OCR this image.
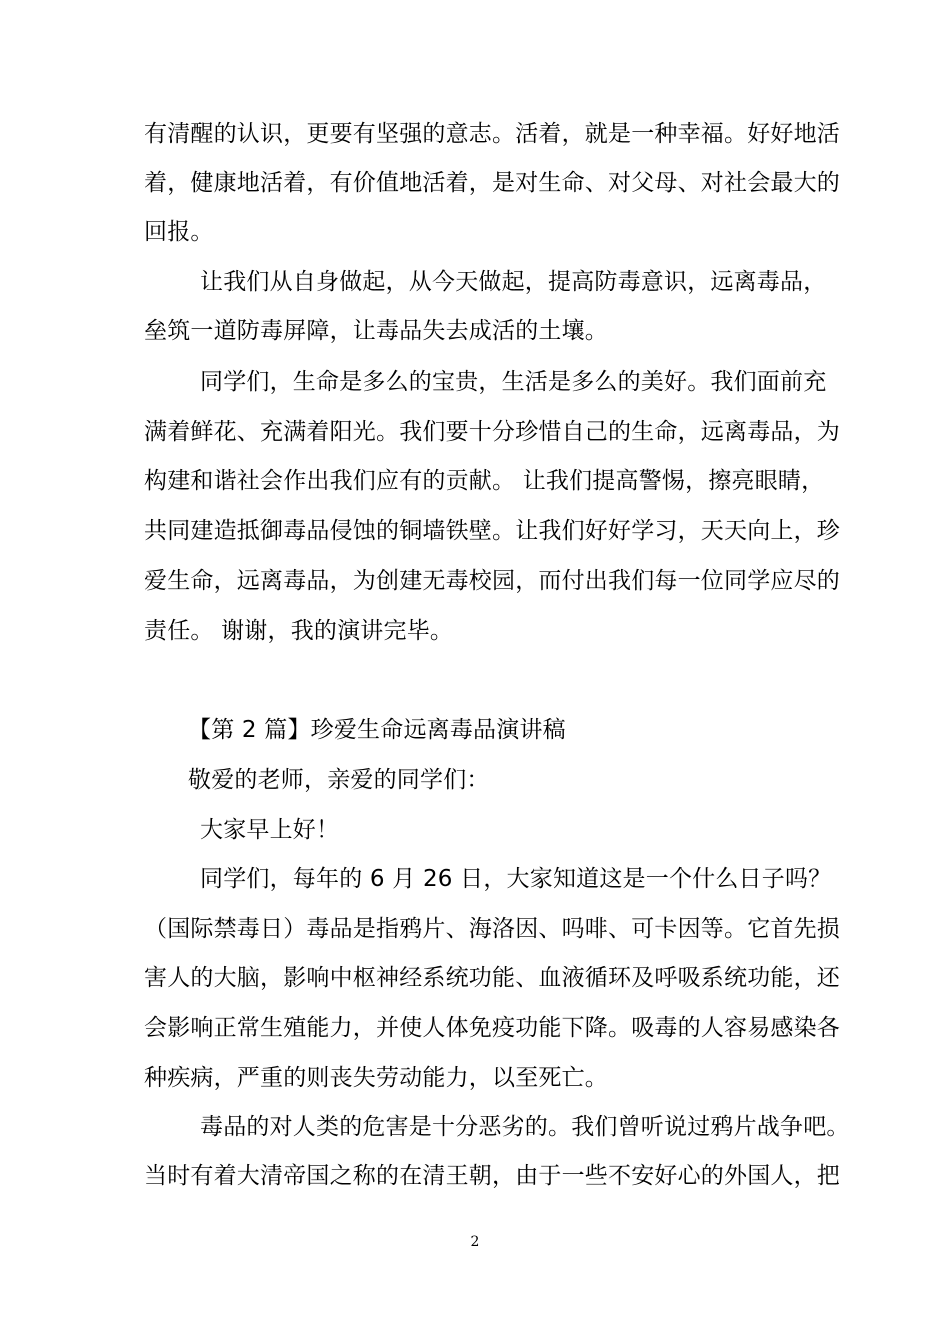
有清醒的认识，更要有坚强的意志。活着，就是一种幸福。好好地活
着，健康地活着，有价值地活着，是对生命、对父母、对社会最大的
回报。
让我们从自身做起，从今天做起，提高防毒意识，远离毒品，
垒筑一道防毒屏障，让毒品失去成活的土壤。
同学们，生命是多么的宝贵，生活是多么的美好。我们面前充
满着鲜花、充满着阳光。我们要十分珍惜自己的生命，远离毒品，为
构建和谐社会作出我们应有的贡献。 让我们提高警惕，擦亮眼睛，
共同建造抵御毒品侵蚀的铜墙铁壁。让我们好好学习，天天向上，珍
爱生命，远离毒品，为创建无毒校园，而付出我们每一位同学应尽的
责任。 谢谢，我的演讲完毕。
【第 2 篇】珍爱生命远离毒品演讲稿
敬爱的老师，亲爱的同学们：
大家早上好！
同学们，每年的 6 月 26 日，大家知道这是一个什么日子吗？
（国际禁毒日）毒品是指鸦片、海洛因、吗啡、可卡因等。它首先损
害人的大脑，影响中枢神经系统功能、血液循环及呼吸系统功能，还
会影响正常生殖能力，并使人体免疫功能下降。吸毒的人容易感染各
种疾病，严重的则丧失劳动能力，以至死亡。
毒品的对人类的危害是十分恶劣的。我们曾听说过鸦片战争吧。
当时有着大清帝国之称的在清王朝，由于一些不安好心的外国人，把
2
